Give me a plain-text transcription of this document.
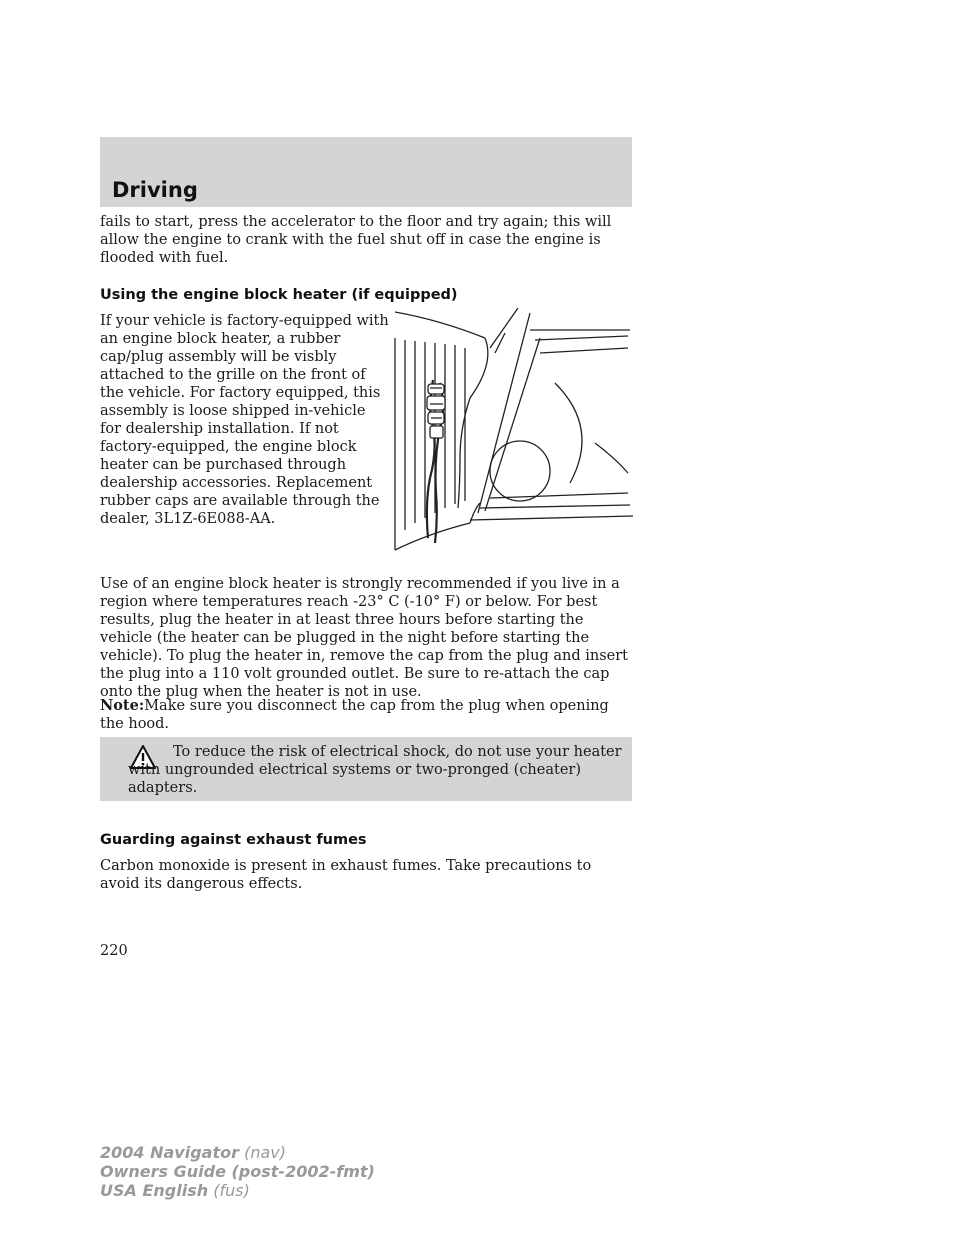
Driving

fails to start, press the accelerator to the floor and try again; this will allow the engine to crank with the fuel shut off in case the engine is flooded with fuel.

Using the engine block heater (if equipped)

If your vehicle is factory-equipped with an engine block heater, a rubber cap/plug assembly will be visbly attached to the grille on the front of the vehicle. For factory equipped, this assembly is loose shipped in-vehicle for dealership installation. If not factory-equipped, the engine block heater can be purchased through dealership accessories. Replacement rubber caps are available through the dealer, 3L1Z-6E088-AA.

Use of an engine block heater is strongly recommended if you live in a region where temperatures reach -23° C (-10° F) or below. For best results, plug the heater in at least three hours before starting the vehicle (the heater can be plugged in the night before starting the vehicle). To plug the heater in, remove the cap from the plug and insert the plug into a 110 volt grounded outlet. Be sure to re-attach the cap onto the plug when the heater is not in use.

Note:Make sure you disconnect the cap from the plug when opening the hood.

To reduce the risk of electrical shock, do not use your heater with ungrounded electrical systems or two-pronged (cheater) adapters.

Guarding against exhaust fumes

Carbon monoxide is present in exhaust fumes. Take precautions to avoid its dangerous effects.

220

2004 Navigator (nav)
Owners Guide (post-2002-fmt)
USA English (fus)
